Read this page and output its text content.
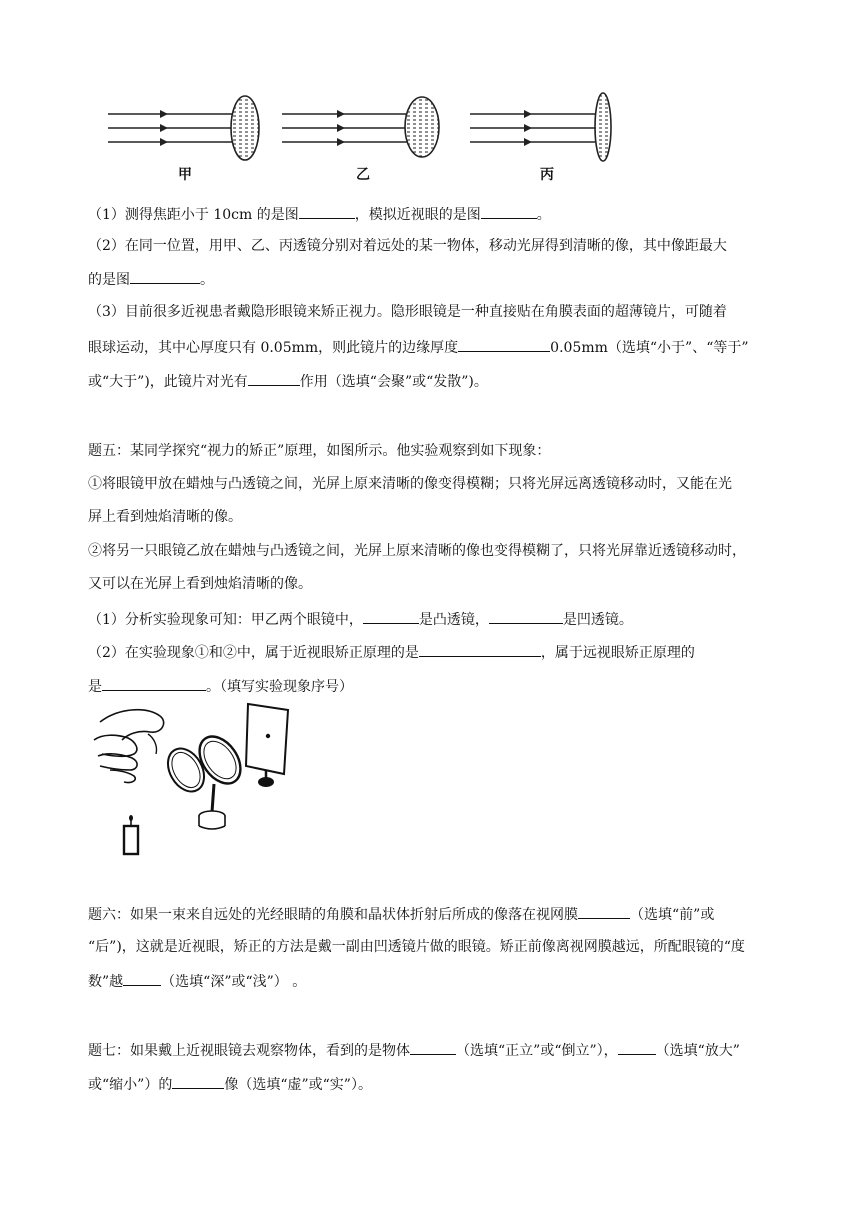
甲	乙	丙
（1）测得焦距小于 10cm 的是图	，模拟近视眼的是图	。
（2）在同一位置，用甲、乙、丙透镜分别对着远处的某一物体，移动光屏得到清晰的像，其中像距最大
的是图	。
（3）目前很多近视患者戴隐形眼镜来矫正视力。隐形眼镜是一种直接贴在角膜表面的超薄镜片，可随着
眼球运动，其中心厚度只有 0.05mm，则此镜片的边缘厚度	0.05mm（选填“小于”、“等于”
或“大于”)，此镜片对光有	作用（选填“会聚”或“发散”)。
题五：某同学探究“视力的矫正”原理，如图所示。他实验观察到如下现象：
①将眼镜甲放在蜡烛与凸透镜之间，光屏上原来清晰的像变得模糊；只将光屏远离透镜移动时，又能在光
屏上看到烛焰清晰的像。
②将另一只眼镜乙放在蜡烛与凸透镜之间，光屏上原来清晰的像也变得模糊了，只将光屏靠近透镜移动时，
又可以在光屏上看到烛焰清晰的像。
（1）分析实验现象可知：甲乙两个眼镜中，	是凸透镜，	是凹透镜。
（2）在实验现象①和②中，属于近视眼矫正原理的是	，属于远视眼矫正原理的
是	。（填写实验现象序号）
题六：如果一束来自远处的光经眼睛的角膜和晶状体折射后所成的像落在视网膜	（选填“前”或
“后”)，这就是近视眼，矫正的方法是戴一副由凹透镜片做的眼镜。矫正前像离视网膜越远，所配眼镜的“度
数”越	（选填“深”或“浅”） 。
题七：如果戴上近视眼镜去观察物体，看到的是物体	（选填“正立”或“倒立”），	（选填“放大”
或“缩小”）的	像（选填“虚”或“实”）。
